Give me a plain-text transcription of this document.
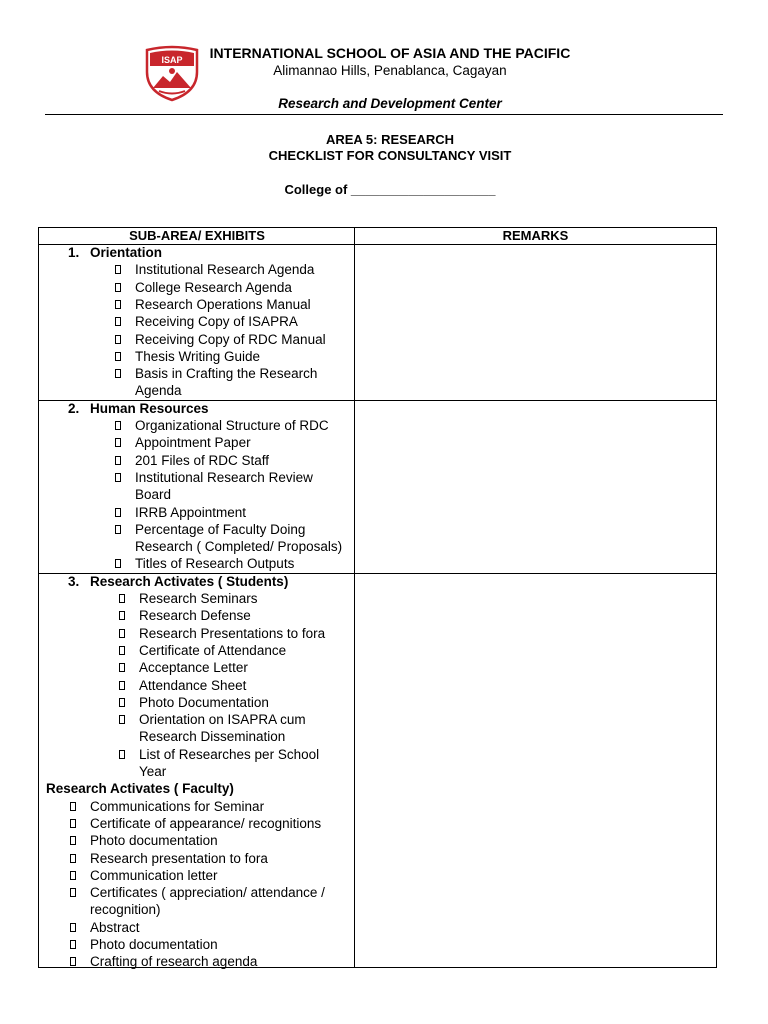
ISAP	INTERNATIONAL SCHOOL OF ASIA AND THE PACIFIC
Alimannao Hills, Penablanca, Cagayan
Research and Development Center
AREA 5: RESEARCH
CHECKLIST FOR CONSULTANCY VISIT
College of ____________________
SUB-AREA/ EXHIBITS	REMARKS
1. Orientation
Institutional Research Agenda
College Research Agenda
Research Operations Manual
Receiving Copy of ISAPRA
Receiving Copy of RDC Manual
Thesis Writing Guide
Basis in Crafting the Research
Agenda
2. Human Resources
Organizational Structure of RDC
Appointment Paper
201 Files of RDC Staff
Institutional Research Review
Board
IRRB Appointment
Percentage of Faculty Doing
Research ( Completed/ Proposals)
Titles of Research Outputs
3. Research Activates ( Students)
Research Seminars
Research Defense
Research Presentations to fora
Certificate of Attendance
Acceptance Letter
Attendance Sheet
Photo Documentation
Orientation on ISAPRA cum
Research Dissemination
List of Researches per School
Year
Research Activates ( Faculty)
Communications for Seminar
Certificate of appearance/ recognitions
Photo documentation
Research presentation to fora
Communication letter
Certificates ( appreciation/ attendance /
recognition)
Abstract
Photo documentation
Crafting of research agenda
